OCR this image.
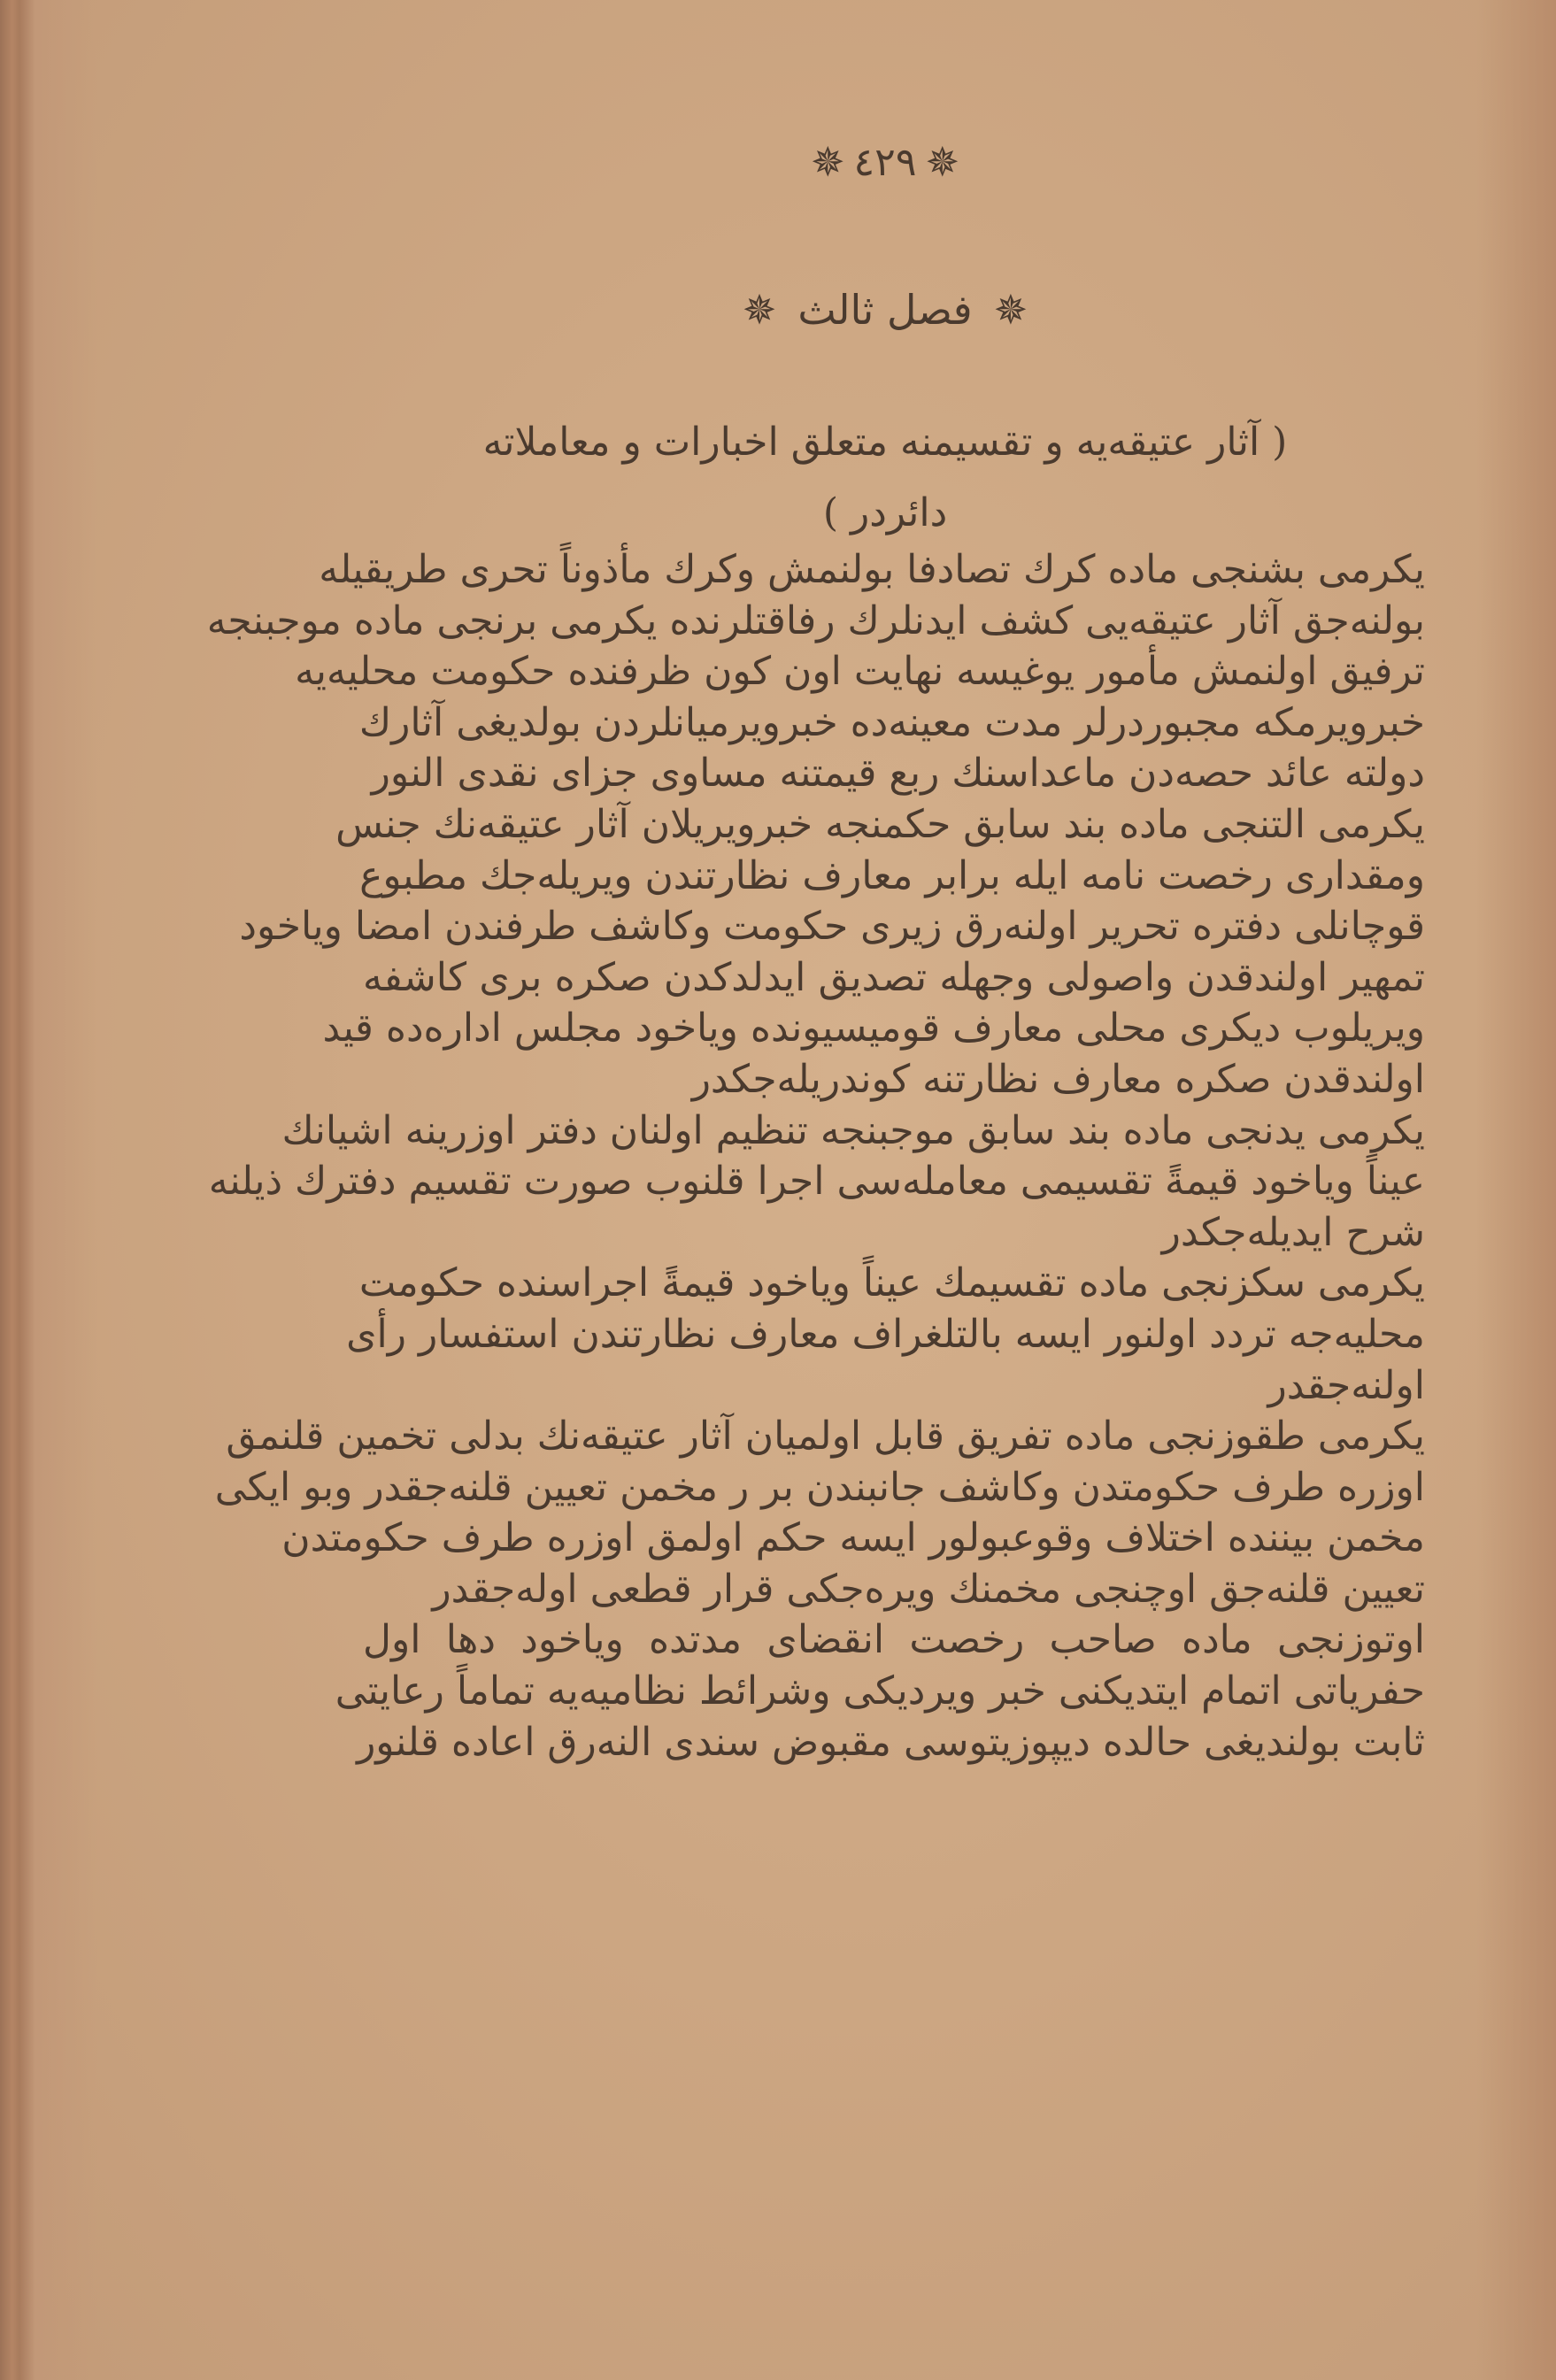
✵
٤٢٩
✵
✵
فصل ثالث
✵
( آثار عتیقه‌یه و تقسیمنه متعلق اخبارات و معاملاته دائردر )
یکرمی بشنجی ماده کرك تصادفا بولنمش وکرك مأذوناً تحری طریقیله
بولنه‌جق آثار عتیقه‌یی کشف ایدنلرك رفاقتلرنده یکرمی برنجی ماده موجبنجه
ترفیق اولنمش مأمور یوغیسه نهایت اون کون ظرفنده حکومت محلیه‌یه
خبرویرمکه مجبوردرلر مدت معینه‌ده خبرویرمیانلردن بولدیغی آثارك
دولته عائد حصه‌دن ماعداسنك ربع قیمتنه مساوی جزای نقدی النور
یکرمی التنجی ماده بند سابق حکمنجه خبرویریلان آثار عتیقه‌نك جنس
ومقداری رخصت نامه ایله برابر معارف نظارتندن ویریله‌جك مطبوع
قوچانلی دفتره تحریر اولنه‌رق زیری حکومت وکاشف طرفندن امضا ویاخود
تمهیر اولندقدن واصولی وجهله تصدیق ایدلدکدن صکره بری کاشفه
ویریلوب دیکری محلی معارف قومیسیونده ویاخود مجلس اداره‌ده قید
اولندقدن صکره معارف نظارتنه کوندریله‌جکدر
یکرمی یدنجی ماده بند سابق موجبنجه تنظیم اولنان دفتر اوزرینه اشیانك
عیناً ویاخود قیمةً تقسیمی معامله‌سی اجرا قلنوب صورت تقسیم دفترك ذیلنه
شرح ایدیله‌جکدر
یکرمی سکزنجی ماده تقسیمك عیناً ویاخود قیمةً اجراسنده حکومت
محلیه‌جه تردد اولنور ایسه بالتلغراف معارف نظارتندن استفسار رأی
اولنه‌جقدر
یکرمی طقوزنجی ماده تفریق قابل اولمیان آثار عتیقه‌نك بدلی تخمین قلنمق
اوزره طرف حکومتدن وکاشف جانبندن بر ر مخمن تعیین قلنه‌جقدر وبو ایکی
مخمن بیننده اختلاف وقوعبولور ایسه حکم اولمق اوزره طرف حکومتدن
تعیین قلنه‌جق اوچنجی مخمنك ویره‌جکی قرار قطعی اوله‌جقدر
اوتوزنجی ماده صاحب رخصت انقضای مدتده ویاخود دها اول
حفریاتی اتمام ایتدیکنی خبر ویردیکی وشرائط نظامیه‌یه تماماً رعایتی
ثابت بولندیغی حالده دیپوزیتوسی مقبوض سندی النه‌رق اعاده قلنور
